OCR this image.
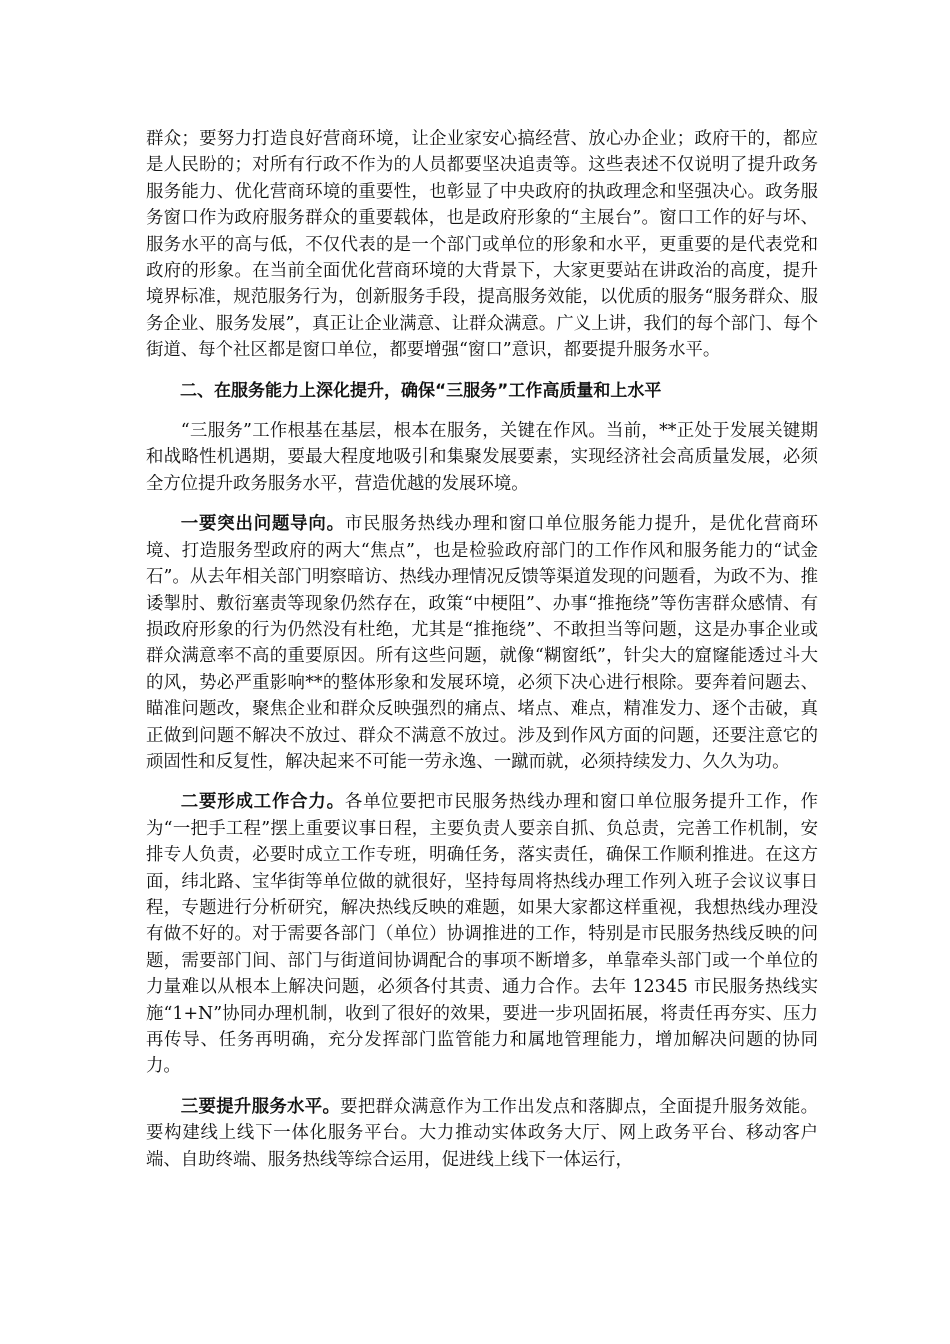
群众；要努力打造良好营商环境，让企业家安心搞经营、放心办企业；政府干的，都应是人民盼的；对所有行政不作为的人员都要坚决追责等。这些表述不仅说明了提升政务服务能力、优化营商环境的重要性，也彰显了中央政府的执政理念和坚强决心。政务服务窗口作为政府服务群众的重要载体，也是政府形象的“主展台”。窗口工作的好与坏、服务水平的高与低，不仅代表的是一个部门或单位的形象和水平，更重要的是代表党和政府的形象。在当前全面优化营商环境的大背景下，大家更要站在讲政治的高度，提升境界标准，规范服务行为，创新服务手段，提高服务效能，以优质的服务“服务群众、服务企业、服务发展”，真正让企业满意、让群众满意。广义上讲，我们的每个部门、每个街道、每个社区都是窗口单位，都要增强“窗口”意识，都要提升服务水平。

二、在服务能力上深化提升，确保“三服务”工作高质量和上水平

“三服务”工作根基在基层，根本在服务，关键在作风。当前，**正处于发展关键期和战略性机遇期，要最大程度地吸引和集聚发展要素，实现经济社会高质量发展，必须全方位提升政务服务水平，营造优越的发展环境。

一要突出问题导向。市民服务热线办理和窗口单位服务能力提升，是优化营商环境、打造服务型政府的两大“焦点”，也是检验政府部门的工作作风和服务能力的“试金石”。从去年相关部门明察暗访、热线办理情况反馈等渠道发现的问题看，为政不为、推诿掣肘、敷衍塞责等现象仍然存在，政策“中梗阻”、办事“推拖绕”等伤害群众感情、有损政府形象的行为仍然没有杜绝，尤其是“推拖绕”、不敢担当等问题，这是办事企业或群众满意率不高的重要原因。所有这些问题，就像“糊窗纸”，针尖大的窟窿能透过斗大的风，势必严重影响**的整体形象和发展环境，必须下决心进行根除。要奔着问题去、瞄准问题改，聚焦企业和群众反映强烈的痛点、堵点、难点，精准发力、逐个击破，真正做到问题不解决不放过、群众不满意不放过。涉及到作风方面的问题，还要注意它的顽固性和反复性，解决起来不可能一劳永逸、一蹴而就，必须持续发力、久久为功。

二要形成工作合力。各单位要把市民服务热线办理和窗口单位服务提升工作，作为“一把手工程”摆上重要议事日程，主要负责人要亲自抓、负总责，完善工作机制，安排专人负责，必要时成立工作专班，明确任务，落实责任，确保工作顺利推进。在这方面，纬北路、宝华街等单位做的就很好，坚持每周将热线办理工作列入班子会议议事日程，专题进行分析研究，解决热线反映的难题，如果大家都这样重视，我想热线办理没有做不好的。对于需要各部门（单位）协调推进的工作，特别是市民服务热线反映的问题，需要部门间、部门与街道间协调配合的事项不断增多，单靠牵头部门或一个单位的力量难以从根本上解决问题，必须各付其责、通力合作。去年 12345 市民服务热线实施“1+N”协同办理机制，收到了很好的效果，要进一步巩固拓展，将责任再夯实、压力再传导、任务再明确，充分发挥部门监管能力和属地管理能力，增加解决问题的协同力。

三要提升服务水平。要把群众满意作为工作出发点和落脚点，全面提升服务效能。要构建线上线下一体化服务平台。大力推动实体政务大厅、网上政务平台、移动客户端、自助终端、服务热线等综合运用，促进线上线下一体运行，
